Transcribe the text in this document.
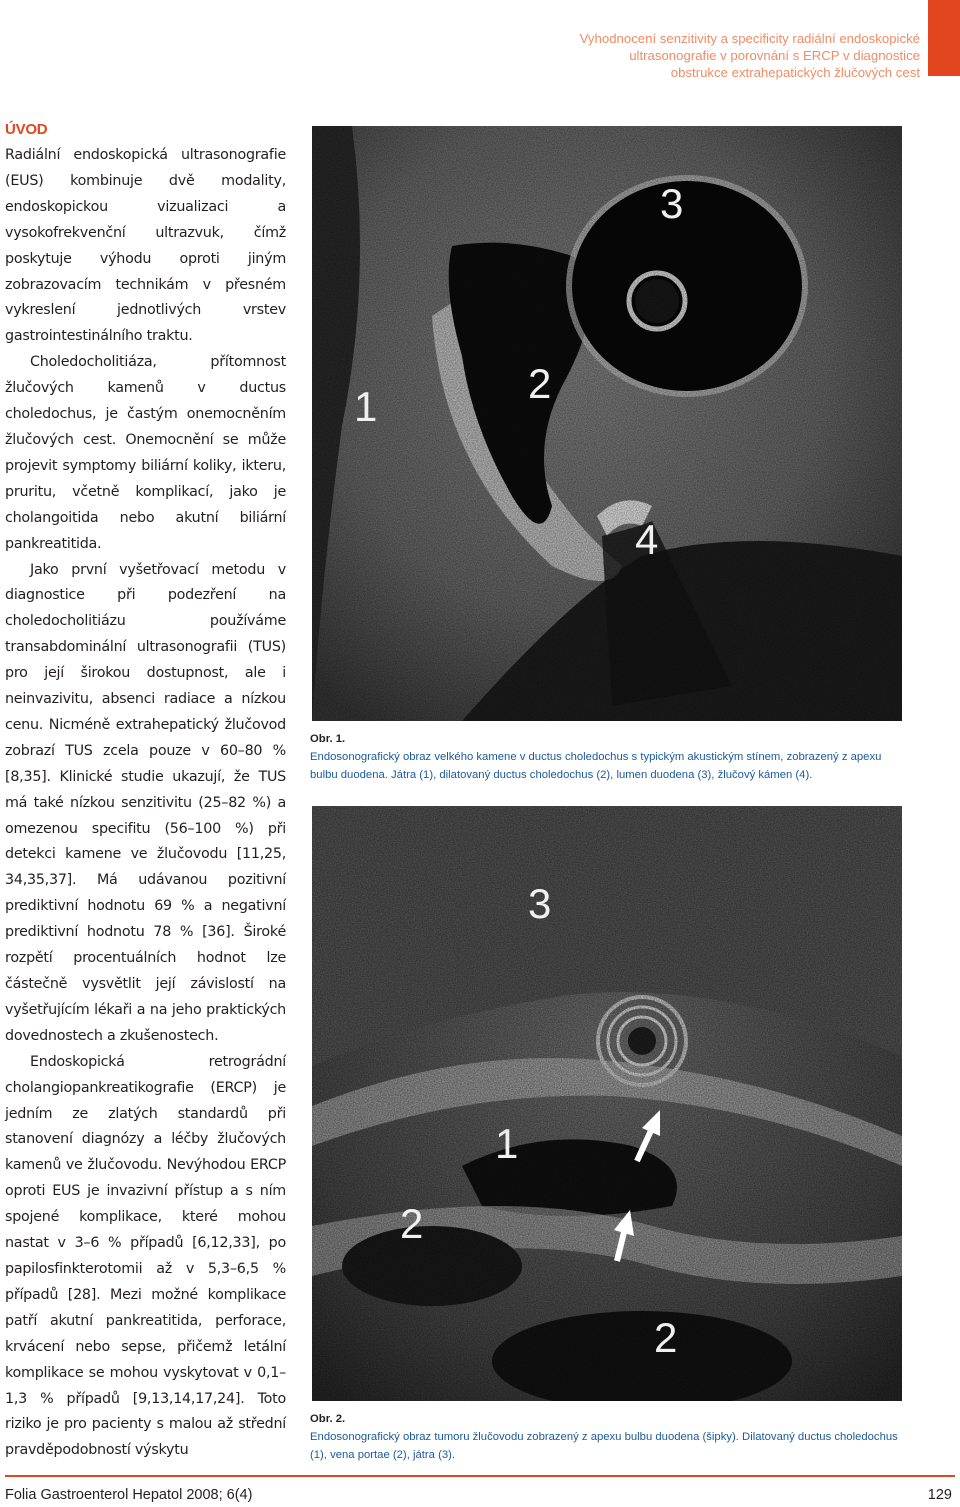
Vyhodnocení senzitivity a specificity radiální endoskopické
ultrasonografie v porovnání s ERCP v diagnostice
obstrukce extrahepatických žlučových cest
ÚVOD

Radiální endoskopická ultrasonografie (EUS) kombinuje dvě modality, endoskopickou vizualizaci a vysokofrekvenční ultrazvuk, čímž poskytuje výhodu oproti jiným zobrazovacím technikám v přesném vykreslení jednotlivých vrstev gastrointestinálního traktu.

Choledocholitiáza, přítomnost žlučových kamenů v ductus choledochus, je častým onemocněním žlučových cest. Onemocnění se může projevit symptomy biliární koliky, ikteru, pruritu, včetně komplikací, jako je cholangoitida nebo akutní biliární pankreatitida.

Jako první vyšetřovací metodu v diagnostice při podezření na choledocholitiázu používáme transabdominální ultrasonografii (TUS) pro její širokou dostupnost, ale i neinvazivitu, absenci radiace a nízkou cenu. Nicméně extrahepatický žlučovod zobrazí TUS zcela pouze v 60–80 % [8,35]. Klinické studie ukazují, že TUS má také nízkou senzitivitu (25–82 %) a omezenou specifitu (56–100 %) při detekci kamene ve žlučovodu [11,25, 34,35,37]. Má udávanou pozitivní prediktivní hodnotu 69 % a negativní prediktivní hodnotu 78 % [36]. Široké rozpětí procentuálních hodnot lze částečně vysvětlit její závislostí na vyšetřujícím lékaři a na jeho praktických dovednostech a zkušenostech.

Endoskopická retrográdní cholangiopankreatikografie (ERCP) je jedním ze zlatých standardů při stanovení diagnózy a léčby žlučových kamenů ve žlučovodu. Nevýhodou ERCP oproti EUS je invazivní přístup a s ním spojené komplikace, které mohou nastat v 3–6 % případů [6,12,33], po papilosfinkterotomii až v 5,3–6,5 % případů [28]. Mezi možné komplikace patří akutní pankreatitida, perforace, krvácení nebo sepse, přičemž letální komplikace se mohou vyskytovat v 0,1–1,3 % případů [9,13,14,17,24]. Toto riziko je pro pacienty s malou až střední pravděpodobností výskytu

1	2
3
4
Obr. 1.
Endosonografický obraz velkého kamene v ductus choledochus s typickým akustickým stínem, zobrazený z apexu bulbu duodena. Játra (1), dilatovaný ductus choledochus (2), lumen duodena (3), žlučový kámen (4).
3
1
2
2
Obr. 2.
Endosonografický obraz tumoru žlučovodu zobrazený z apexu bulbu duodena (šipky). Dilatovaný ductus choledochus (1), vena portae (2), játra (3).
Folia Gastroenterol Hepatol 2008; 6(4)	129
